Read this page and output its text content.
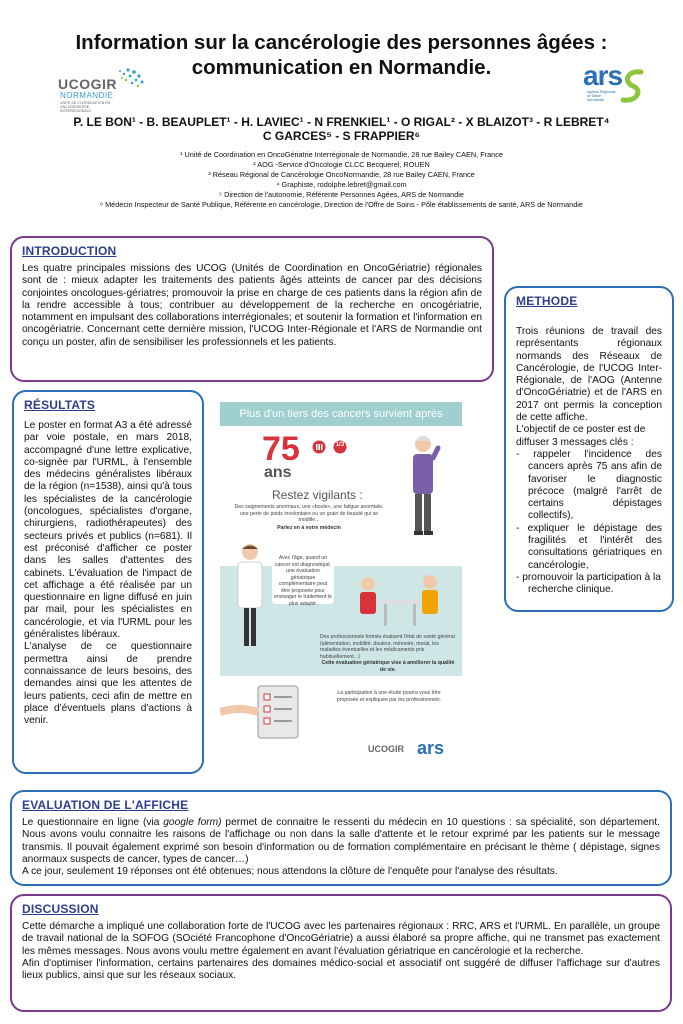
Information sur la cancérologie des personnes âgées :
communication en Normandie.
UCOGIR
NORMANDIE
UNITÉ DE COORDINATION EN ONCOGÉRIATRIE INTERRÉGIONALE
ars
Agence Régionale de Santé Normandie
P. LE BON¹ - B. BEAUPLET¹ - H. LAVIEC¹ - N FRENKIEL¹ - O RIGAL² - X BLAIZOT³ - R LEBRET⁴
C GARCES⁵ - S FRAPPIER⁶
¹ Unité de Coordination en OncoGériatrie Interrégionale de Normandie, 28 rue Bailey CAEN, France
² AOG -Service d'Oncologie CLCC Becquerel, ROUEN
³ Réseau Régional de Cancérologie OncoNormandie, 28 rue Bailey CAEN, France
⁴ Graphiste, rodolphe.lebret@gmail.com
⁵ Direction de l'autonomie, Référente Personnes Agées, ARS de Normandie
⁶ Médecin Inspecteur de Santé Publique, Référente en cancérologie, Direction de l'Offre de Soins - Pôle établissements de santé, ARS de Normandie
INTRODUCTION

Les quatre principales missions des UCOG (Unités de Coordination en OncoGériatrie) régionales sont de : mieux adapter les traitements des patients âgés atteints de cancer par des décisions conjointes oncologues-gériatres; promouvoir la prise en charge de ces patients dans la région afin de la rendre accessible à tous; contribuer au développement de la recherche en oncogériatrie, notamment en impulsant des collaborations interrégionales; et soutenir la formation et l'information en oncogériatrie. Concernant cette dernière mission, l'UCOG Inter-Régionale et l'ARS de Normandie ont conçu un poster, afin de sensibiliser les professionnels et les patients.

METHODE

Trois réunions de travail des représentants régionaux normands des Réseaux de Cancérologie, de l'UCOG Inter-Régionale, de l'AOG (Antenne d'OncoGériatrie) et de l'ARS en 2017 ont permis la conception de cette affiche.

L'objectif de ce poster est de diffuser 3 messages clés :

- rappeler l'incidence des cancers après 75 ans afin de favoriser le diagnostic précoce (malgré l'arrêt de certains dépistages collectifs),
- expliquer le dépistage des fragilités et l'intérêt des consultations gériatriques en cancérologie,
- promouvoir la participation à la recherche clinique.
RÉSULTATS

Le poster en format A3 a été adressé par voie postale, en mars 2018, accompagné d'une lettre explicative, co-signée par l'URML, à l'ensemble des médecins généralistes libéraux de la région (n=1538), ainsi qu'à tous les spécialistes de la cancérologie (oncologues, spécialistes d'organe, chirurgiens, radiothérapeutes) des secteurs privés et publics (n=681). Il est préconisé d'afficher ce poster dans les salles d'attentes des cabinets. L'évaluation de l'impact de cet affichage a été réalisée par un questionnaire en ligne diffusé en juin par mail, pour les spécialistes en cancérologie, et via l'URML pour les généralistes libéraux.

L'analyse de ce questionnaire permettra ainsi de prendre connaissance de leurs besoins, des demandes ainsi que les attentes de leurs patients, ceci afin de mettre en place d'éventuels plans d'actions à venir.

Plus d'un tiers des cancers survient après
75
ans
1/3
Restez vigilants :
Des saignements anormaux, une «boule», une fatigue anormale, une perte de poids involontaire ou un grain de beauté qui se modifie...
Parlez en à votre médecin
Avec l'âge, quand un cancer est diagnostiqué, une évaluation gériatrique complémentaire peut être proposée pour envisager le traitement le plus adapté.
Des professionnels formés évaluent l'état de santé général (alimentation, mobilité, douleur, mémoire, moral, les maladies éventuelles et les médicaments pris habituellement...)
Cette évaluation gériatrique vise à améliorer la qualité de vie.
La participation à une étude pourra vous être proposée et expliquée par les professionnels.
UCOGIR ars
EVALUATION DE L'AFFICHE

Le questionnaire en ligne (via google form) permet de connaitre le ressenti du médecin en 10 questions : sa spécialité, son département. Nous avons voulu connaitre les raisons de l'affichage ou non dans la salle d'attente et le retour exprimé par les patients sur le message transmis. Il pouvait également exprimé son besoin d'information ou de formation complémentaire en précisant le thème ( dépistage, signes anormaux suspects de cancer, types de cancer…)

A ce jour, seulement 19 réponses ont été obtenues; nous attendons la clôture de l'enquête pour l'analyse des résultats.

DISCUSSION

Cette démarche a impliqué une collaboration forte de l'UCOG avec les partenaires régionaux : RRC, ARS et l'URML. En parallèle, un groupe de travail national de la SOFOG (SOciété Francophone d'OncoGériatrie) a aussi élaboré sa propre affiche, qui ne transmet pas exactement les mêmes messages. Nous avons voulu mettre également en avant l'évaluation gériatrique en cancérologie et la recherche.

Afin d'optimiser l'information, certains partenaires des domaines médico-social et associatif ont suggéré de diffuser l'affichage sur d'autres lieux publics, ainsi que sur les réseaux sociaux.
